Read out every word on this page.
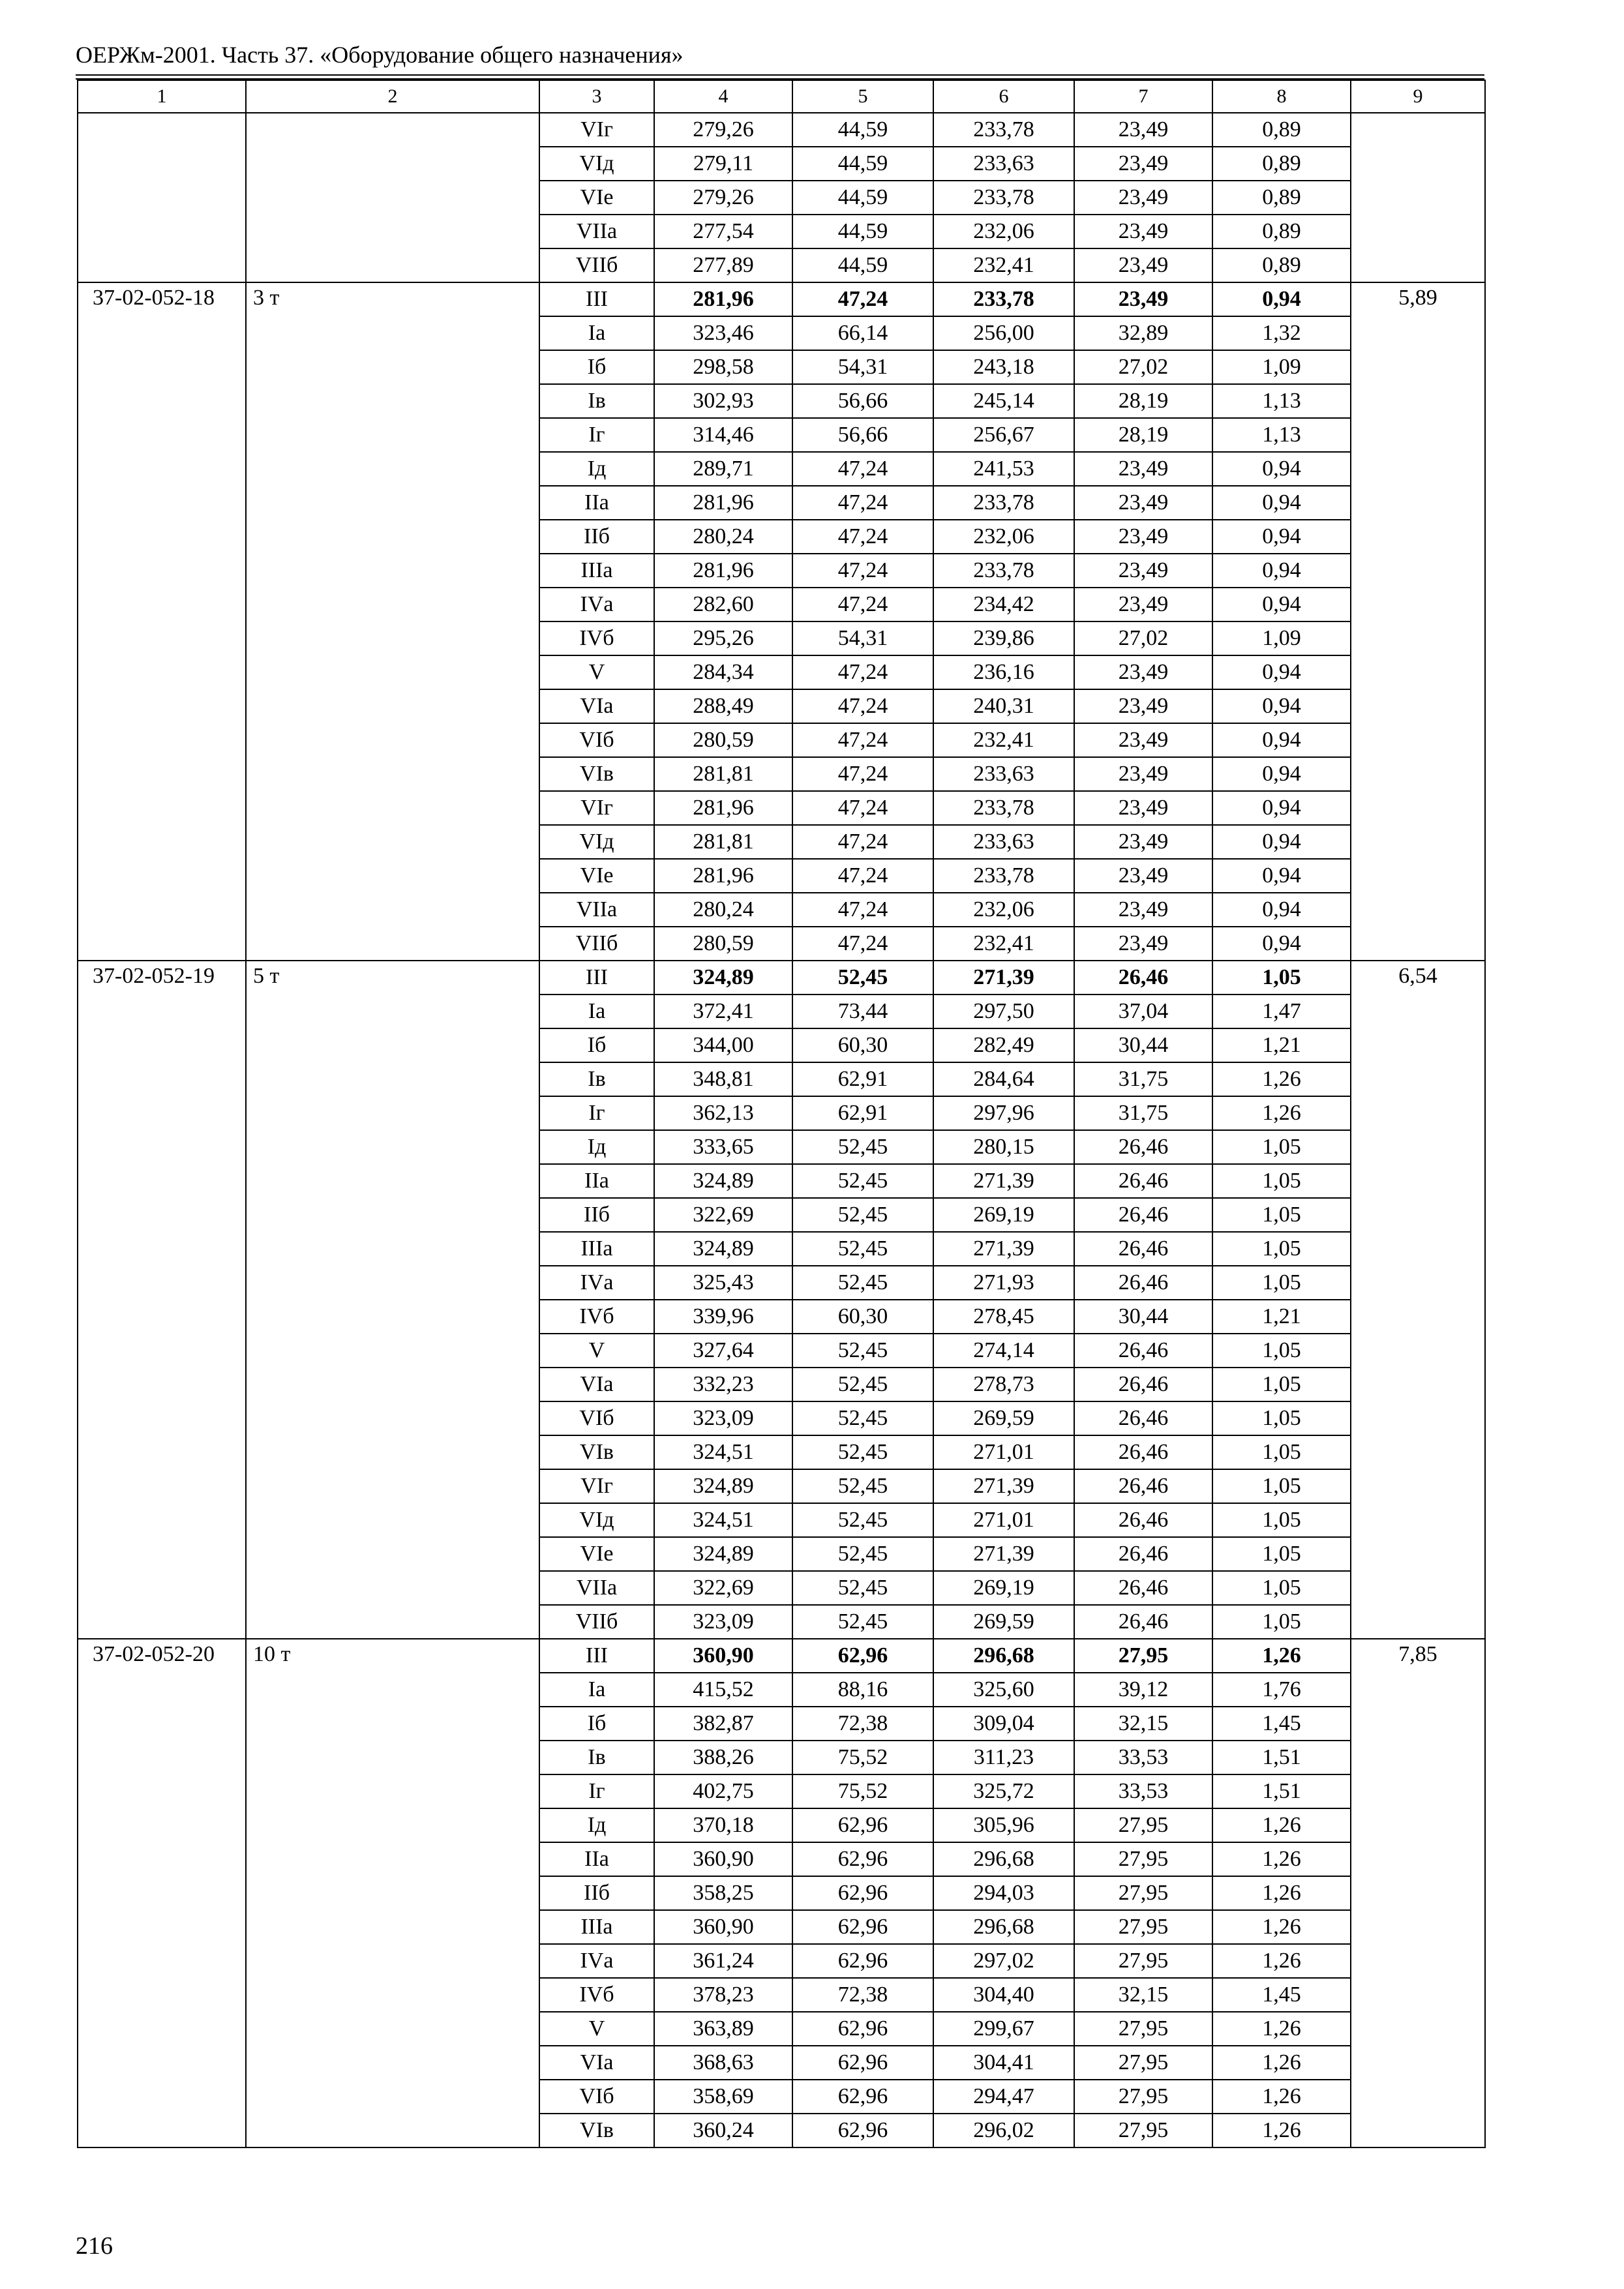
ОЕРЖм-2001. Часть 37. «Оборудование общего назначения»
1	2	3	4	5	6	7	8	9
		VIг	279,26	44,59	233,78	23,49	0,89	
		VIд	279,11	44,59	233,63	23,49	0,89	
		VIe	279,26	44,59	233,78	23,49	0,89	
		VIIа	277,54	44,59	232,06	23,49	0,89	
		VIIб	277,89	44,59	232,41	23,49	0,89	
37-02-052-18	3 т	III	281,96	47,24	233,78	23,49	0,94	5,89
		Iа	323,46	66,14	256,00	32,89	1,32	
		Iб	298,58	54,31	243,18	27,02	1,09	
		Iв	302,93	56,66	245,14	28,19	1,13	
		Iг	314,46	56,66	256,67	28,19	1,13	
		Iд	289,71	47,24	241,53	23,49	0,94	
		IIа	281,96	47,24	233,78	23,49	0,94	
		IIб	280,24	47,24	232,06	23,49	0,94	
		IIIа	281,96	47,24	233,78	23,49	0,94	
		IVа	282,60	47,24	234,42	23,49	0,94	
		IVб	295,26	54,31	239,86	27,02	1,09	
		V	284,34	47,24	236,16	23,49	0,94	
		VIа	288,49	47,24	240,31	23,49	0,94	
		VIб	280,59	47,24	232,41	23,49	0,94	
		VIв	281,81	47,24	233,63	23,49	0,94	
		VIг	281,96	47,24	233,78	23,49	0,94	
		VIд	281,81	47,24	233,63	23,49	0,94	
		VIe	281,96	47,24	233,78	23,49	0,94	
		VIIа	280,24	47,24	232,06	23,49	0,94	
		VIIб	280,59	47,24	232,41	23,49	0,94	
37-02-052-19	5 т	III	324,89	52,45	271,39	26,46	1,05	6,54
		Iа	372,41	73,44	297,50	37,04	1,47	
		Iб	344,00	60,30	282,49	30,44	1,21	
		Iв	348,81	62,91	284,64	31,75	1,26	
		Iг	362,13	62,91	297,96	31,75	1,26	
		Iд	333,65	52,45	280,15	26,46	1,05	
		IIа	324,89	52,45	271,39	26,46	1,05	
		IIб	322,69	52,45	269,19	26,46	1,05	
		IIIа	324,89	52,45	271,39	26,46	1,05	
		IVа	325,43	52,45	271,93	26,46	1,05	
		IVб	339,96	60,30	278,45	30,44	1,21	
		V	327,64	52,45	274,14	26,46	1,05	
		VIа	332,23	52,45	278,73	26,46	1,05	
		VIб	323,09	52,45	269,59	26,46	1,05	
		VIв	324,51	52,45	271,01	26,46	1,05	
		VIг	324,89	52,45	271,39	26,46	1,05	
		VIд	324,51	52,45	271,01	26,46	1,05	
		VIe	324,89	52,45	271,39	26,46	1,05	
		VIIа	322,69	52,45	269,19	26,46	1,05	
		VIIб	323,09	52,45	269,59	26,46	1,05	
37-02-052-20	10 т	III	360,90	62,96	296,68	27,95	1,26	7,85
		Iа	415,52	88,16	325,60	39,12	1,76	
		Iб	382,87	72,38	309,04	32,15	1,45	
		Iв	388,26	75,52	311,23	33,53	1,51	
		Iг	402,75	75,52	325,72	33,53	1,51	
		Iд	370,18	62,96	305,96	27,95	1,26	
		IIа	360,90	62,96	296,68	27,95	1,26	
		IIб	358,25	62,96	294,03	27,95	1,26	
		IIIа	360,90	62,96	296,68	27,95	1,26	
		IVа	361,24	62,96	297,02	27,95	1,26	
		IVб	378,23	72,38	304,40	32,15	1,45	
		V	363,89	62,96	299,67	27,95	1,26	
		VIа	368,63	62,96	304,41	27,95	1,26	
		VIб	358,69	62,96	294,47	27,95	1,26	
		VIв	360,24	62,96	296,02	27,95	1,26	
216
